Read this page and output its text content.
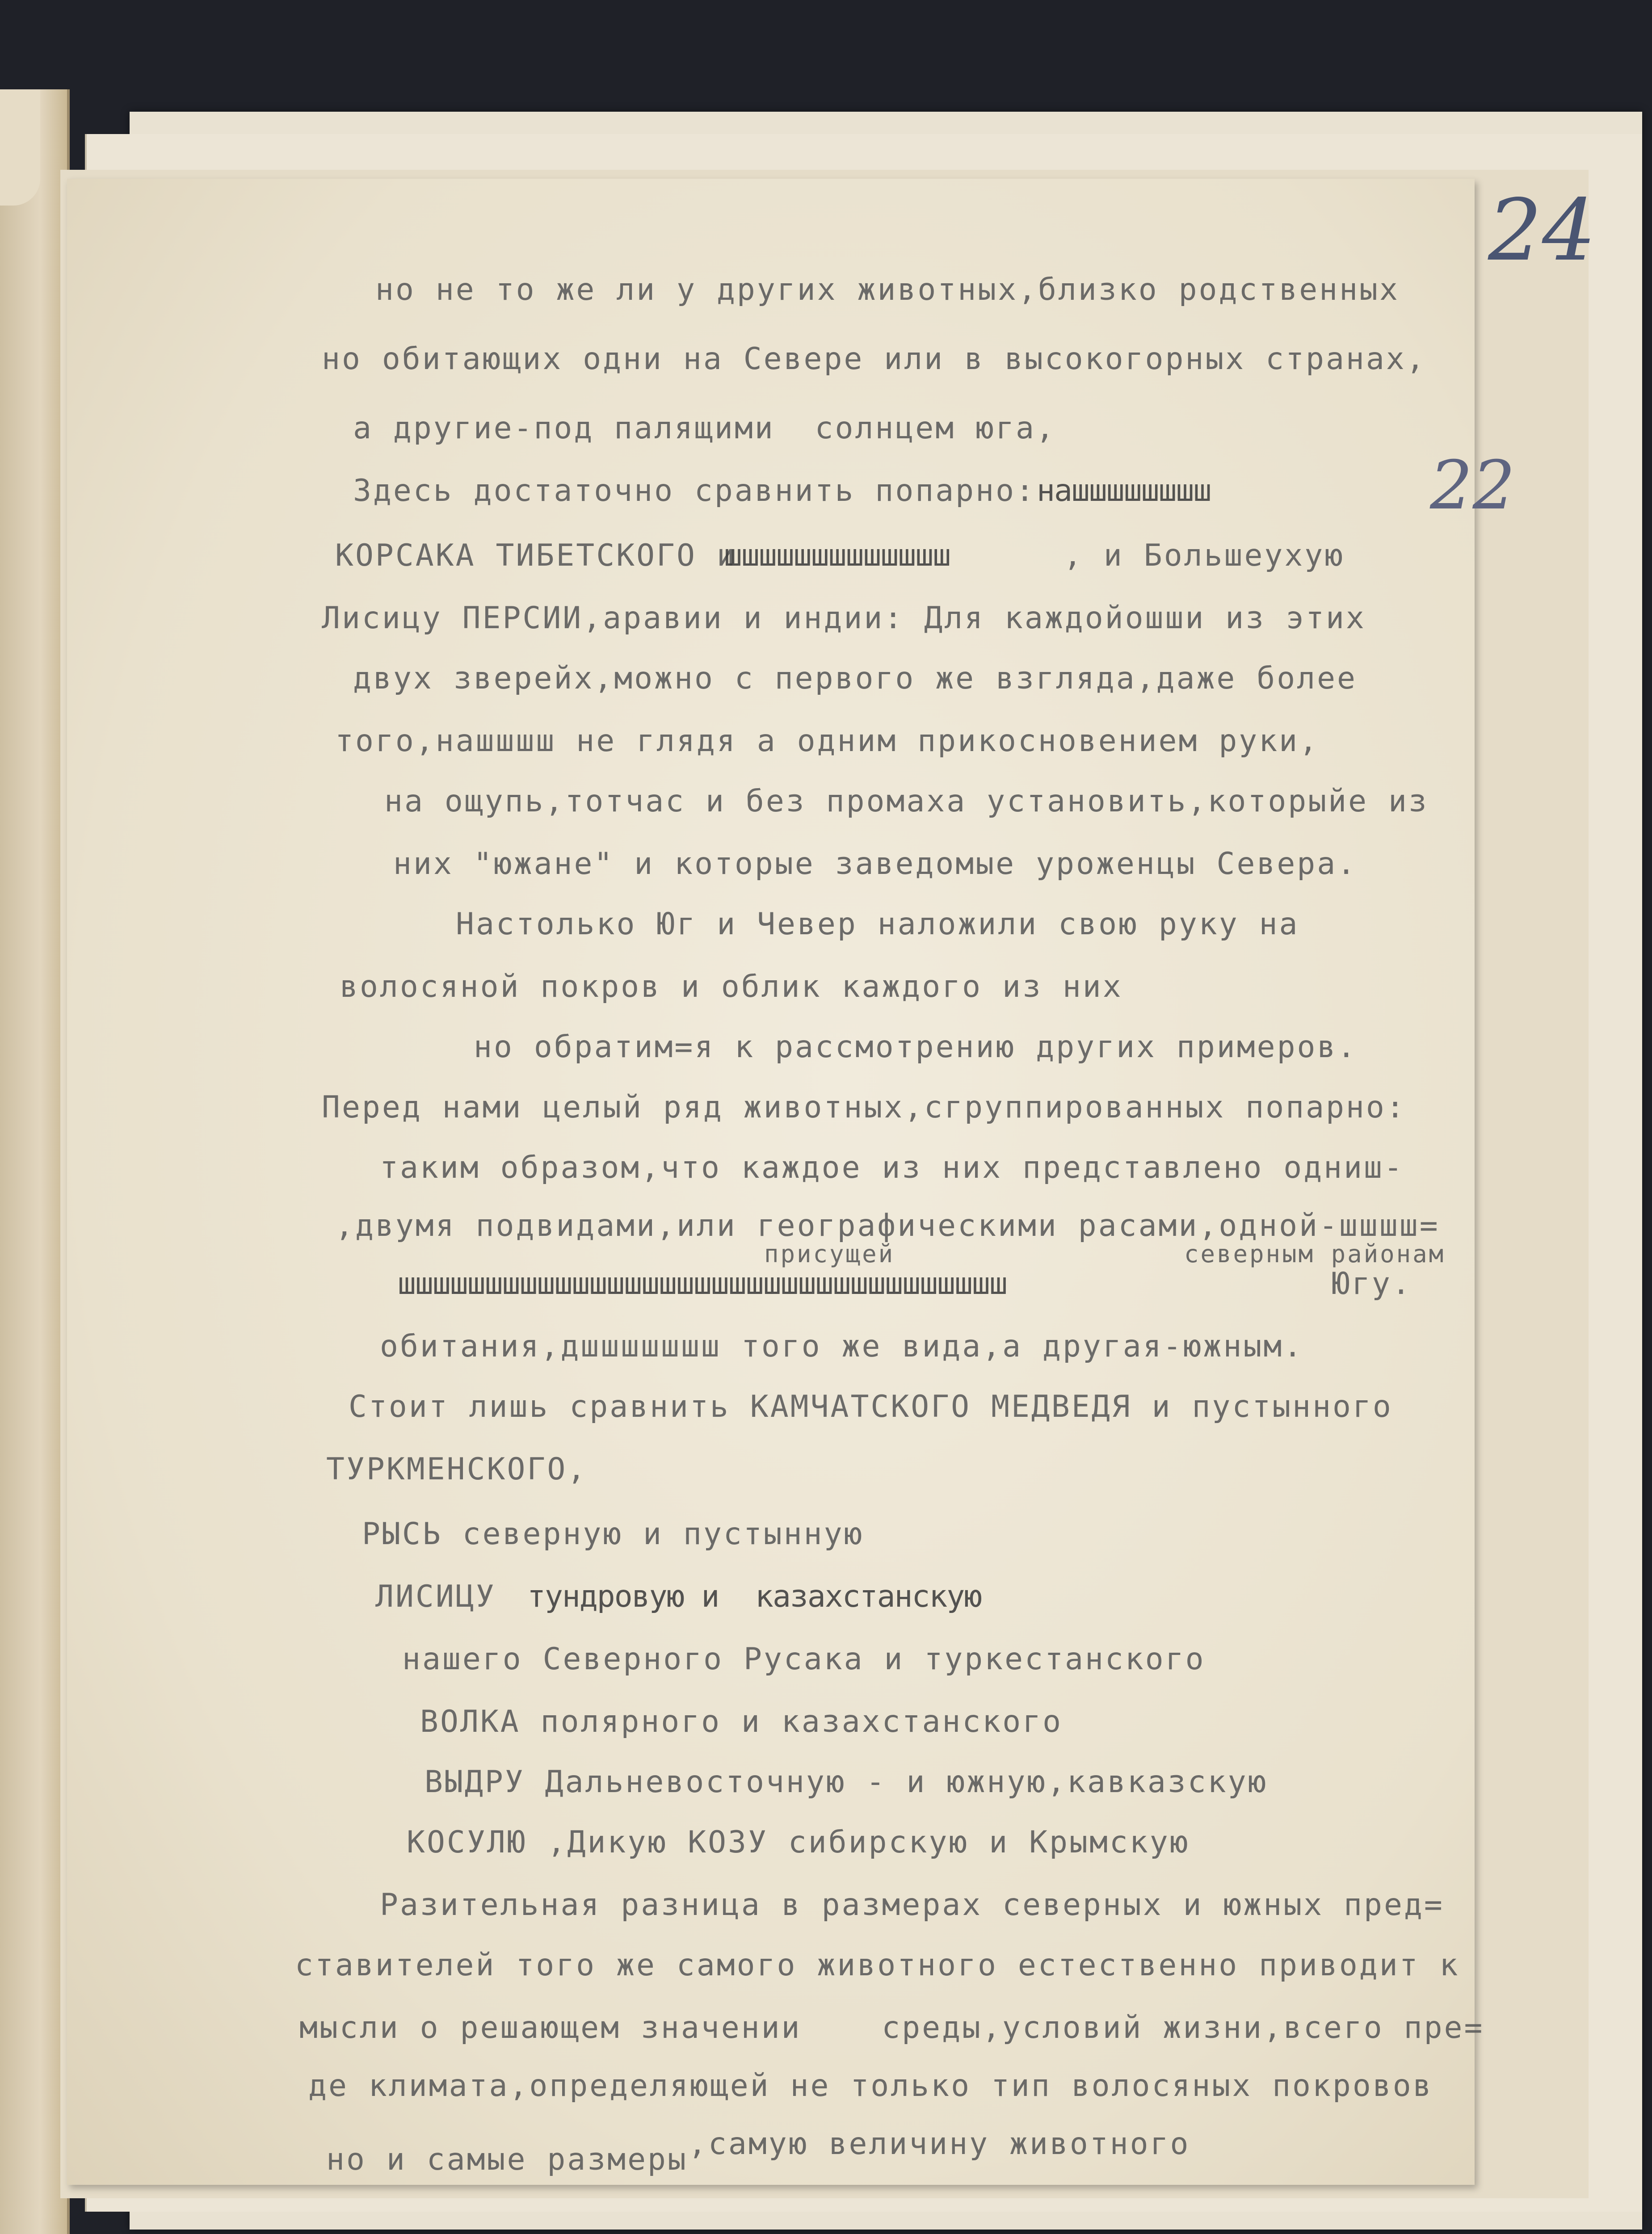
24
22
но не то же ли у других животных,близко родственных
но обитающих одни на Севере или в высокогорных странах,
а другие-под палящими  солнцем юга,
Здесь достаточно сравнить попарно: нашшшшшшшш
КОРСАКА ТИБЕТСКОГО и
шшшшшшшшшшшшш	, и Большеухую
Лисицу ПЕРСИИ,аравии и индии: Для каждойошши из этих
двух зверейх,можно с первого же взгляда,даже более
того,нашшшш не глядя а одним прикосновением руки,
на ощупь,тотчас и без промаха установить,которыйе из
них "южане" и которые заведомые уроженцы Севера.
Настолько Юг и Чевер наложили свою руку на
волосяной покров и облик каждого из них
но обратим=я к рассмотрению других примеров.
Перед нами целый ряд животных,сгруппированных попарно:
таким образом,что каждое из них представлено одниш-
,двумя подвидами,или географическими расами,одной-шшшш=
присущей	северным районам
шшшшшшшшшшшшшшшшшшшшшшшшшшшшшшшшшшш	Югу.
обитания,дшшшшшшш того же вида,а другая-южным.
Стоит лишь сравнить КАМЧАТСКОГО МЕДВЕДЯ и пустынного
ТУРКМЕНСКОГО,
РЫСЬ северную и пустынную
ЛИСИЦУ тундровую и казахстанскую
нашего Северного Русака и туркестанского
ВОЛКА полярного и казахстанского
ВЫДРУ Дальневосточную - и южную,кавказскую
КОСУЛЮ ,Дикую КОЗУ сибирскую и Крымскую
Разительная разница в размерах северных и южных пред=
ставителей того же самого животного естественно приводит к
мысли о решающем значении    среды,условий жизни,всего пре=
де климата,определяющей не только тип волосяных покровов
но и самые размеры ,самую величину животного
